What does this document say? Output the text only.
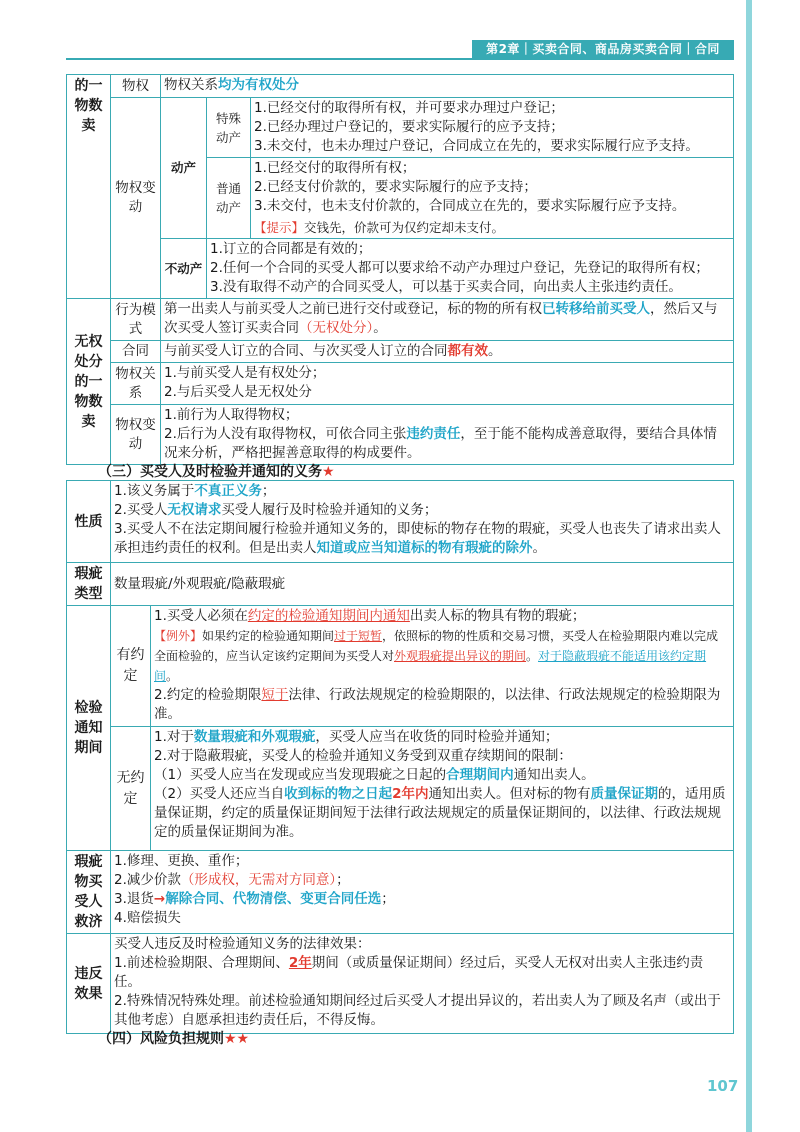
第2章｜买卖合同、商品房买卖合同｜合同
的一物数卖	物权	物权关系均为有权处分		
	物权变动	动产	特殊动产	1.已经交付的取得所有权，并可要求办理过户登记；
2.已经办理过户登记的，要求实际履行的应予支持；
3.未交付，也未办理过户登记，合同成立在先的，要求实际履行应予支持。

			普通动产	1.已经交付的取得所有权；
2.已经支付价款的，要求实际履行的应予支持；
3.未交付，也未支付价款的，合同成立在先的，要求实际履行应予支持。

				【提示】交钱先，价款可为仅约定却未支付。
		不动产	1.订立的合同都是有效的；
2.任何一个合同的买受人都可以要求给不动产办理过户登记，先登记的取得所有权；
3.没有取得不动产的合同买受人，可以基于买卖合同，向出卖人主张违约责任。	

无权处分的一物数卖	行为模式	第一出卖人与前买受人之前已进行交付或登记，标的物的所有权已转移给前买受人，然后又与次买受人签订买卖合同（无权处分）。		
	合同	与前买受人订立的合同、与次买受人订立的合同都有效。		
	物权关系	1.与前买受人是有权处分；
2.与后买受人是无权处分		

	物权变动	1.前行为人取得物权；
2.后行为人没有取得物权，可依合同主张违约责任，至于能不能构成善意取得，要结合具体情况来分析，严格把握善意取得的构成要件。		
（三）买受人及时检验并通知的义务★
性质	1.该义务属于不真正义务；
2.买受人无权请求买受人履行及时检验并通知的义务；
3.买受人不在法定期间履行检验并通知义务的，即使标的物存在物的瑕疵，买受人也丧失了请求出卖人承担违约责任的权利。但是出卖人知道或应当知道标的物有瑕疵的除外。	

瑕疵类型	数量瑕疵/外观瑕疵/隐蔽瑕疵	
检验通知期间	有约定	1.买受人必须在约定的检验通知期间内通知出卖人标的物具有物的瑕疵；
【例外】如果约定的检验通知期间过于短暂，依照标的物的性质和交易习惯，买受人在检验期限内难以完成全面检验的，应当认定该约定期间为买受人对外观瑕疵提出异议的期间。对于隐蔽瑕疵不能适用该约定期间。
2.约定的检验期限短于法律、行政法规规定的检验期限的，以法律、行政法规规定的检验期限为准。

	无约定	1.对于数量瑕疵和外观瑕疵，买受人应当在收货的同时检验并通知；
2.对于隐蔽瑕疵，买受人的检验并通知义务受到双重存续期间的限制：
（1）买受人应当在发现或应当发现瑕疵之日起的合理期间内通知出卖人。
（2）买受人还应当自收到标的物之日起2年内通知出卖人。但对标的物有质量保证期的，适用质量保证期，约定的质量保证期间短于法律行政法规规定的质量保证期间的，以法律、行政法规规定的质量保证期间为准。

瑕疵物买受人救济	1.修理、更换、重作；
2.减少价款（形成权，无需对方同意）；
3.退货→解除合同、代物清偿、变更合同任选；
4.赔偿损失	

违反效果	买受人违反及时检验通知义务的法律效果：
1.前述检验期限、合理期间、2年期间（或质量保证期间）经过后，买受人无权对出卖人主张违约责任。
2.特殊情况特殊处理。前述检验通知期间经过后买受人才提出异议的，若出卖人为了顾及名声（或出于其他考虑）自愿承担违约责任后，不得反悔。	
（四）风险负担规则★★
107
